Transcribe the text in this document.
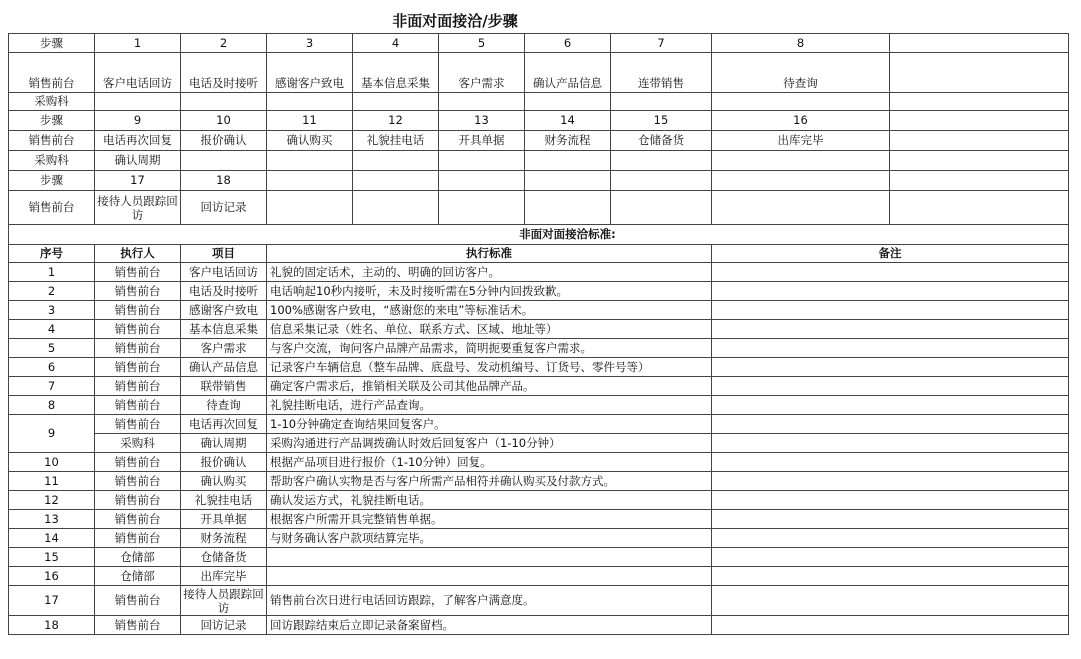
非面对面接洽/步骤
步骤	1	2	3	4	5	6	7	8	
销售前台	客户电话回访	电话及时接听	感谢客户致电	基本信息采集	客户需求	确认产品信息	连带销售	待查询	
采购科									
步骤	9	10	11	12	13	14	15	16	
销售前台	电话再次回复	报价确认	确认购买	礼貌挂电话	开具单据	财务流程	仓储备货	出库完毕	
采购科	确认周期								
步骤	17	18							
销售前台	接待人员跟踪回访	回访记录							
非面对面接洽标准:									
序号	执行人	项目	执行标准					备注	
1	销售前台	客户电话回访	礼貌的固定话术，主动的、明确的回访客户。						
2	销售前台	电话及时接听	电话响起10秒内接听，未及时接听需在5分钟内回拨致歉。						
3	销售前台	感谢客户致电	100%感谢客户致电，“感谢您的来电”等标准话术。						
4	销售前台	基本信息采集	信息采集记录（姓名、单位、联系方式、区域、地址等）						
5	销售前台	客户需求	与客户交流，询问客户品牌产品需求，简明扼要重复客户需求。						
6	销售前台	确认产品信息	记录客户车辆信息（整车品牌、底盘号、发动机编号、订货号、零件号等）						
7	销售前台	联带销售	确定客户需求后，推销相关联及公司其他品牌产品。						
8	销售前台	待查询	礼貌挂断电话，进行产品查询。						
9	销售前台	电话再次回复	1-10分钟确定查询结果回复客户。						
	采购科	确认周期	采购沟通进行产品调拨确认时效后回复客户（1-10分钟）						
10	销售前台	报价确认	根据产品项目进行报价（1-10分钟）回复。						
11	销售前台	确认购买	帮助客户确认实物是否与客户所需产品相符并确认购买及付款方式。						
12	销售前台	礼貌挂电话	确认发运方式，礼貌挂断电话。						
13	销售前台	开具单据	根据客户所需开具完整销售单据。						
14	销售前台	财务流程	与财务确认客户款项结算完毕。						
15	仓储部	仓储备货							
16	仓储部	出库完毕							
17	销售前台	接待人员跟踪回访	销售前台次日进行电话回访跟踪，了解客户满意度。						
18	销售前台	回访记录	回访跟踪结束后立即记录备案留档。						
